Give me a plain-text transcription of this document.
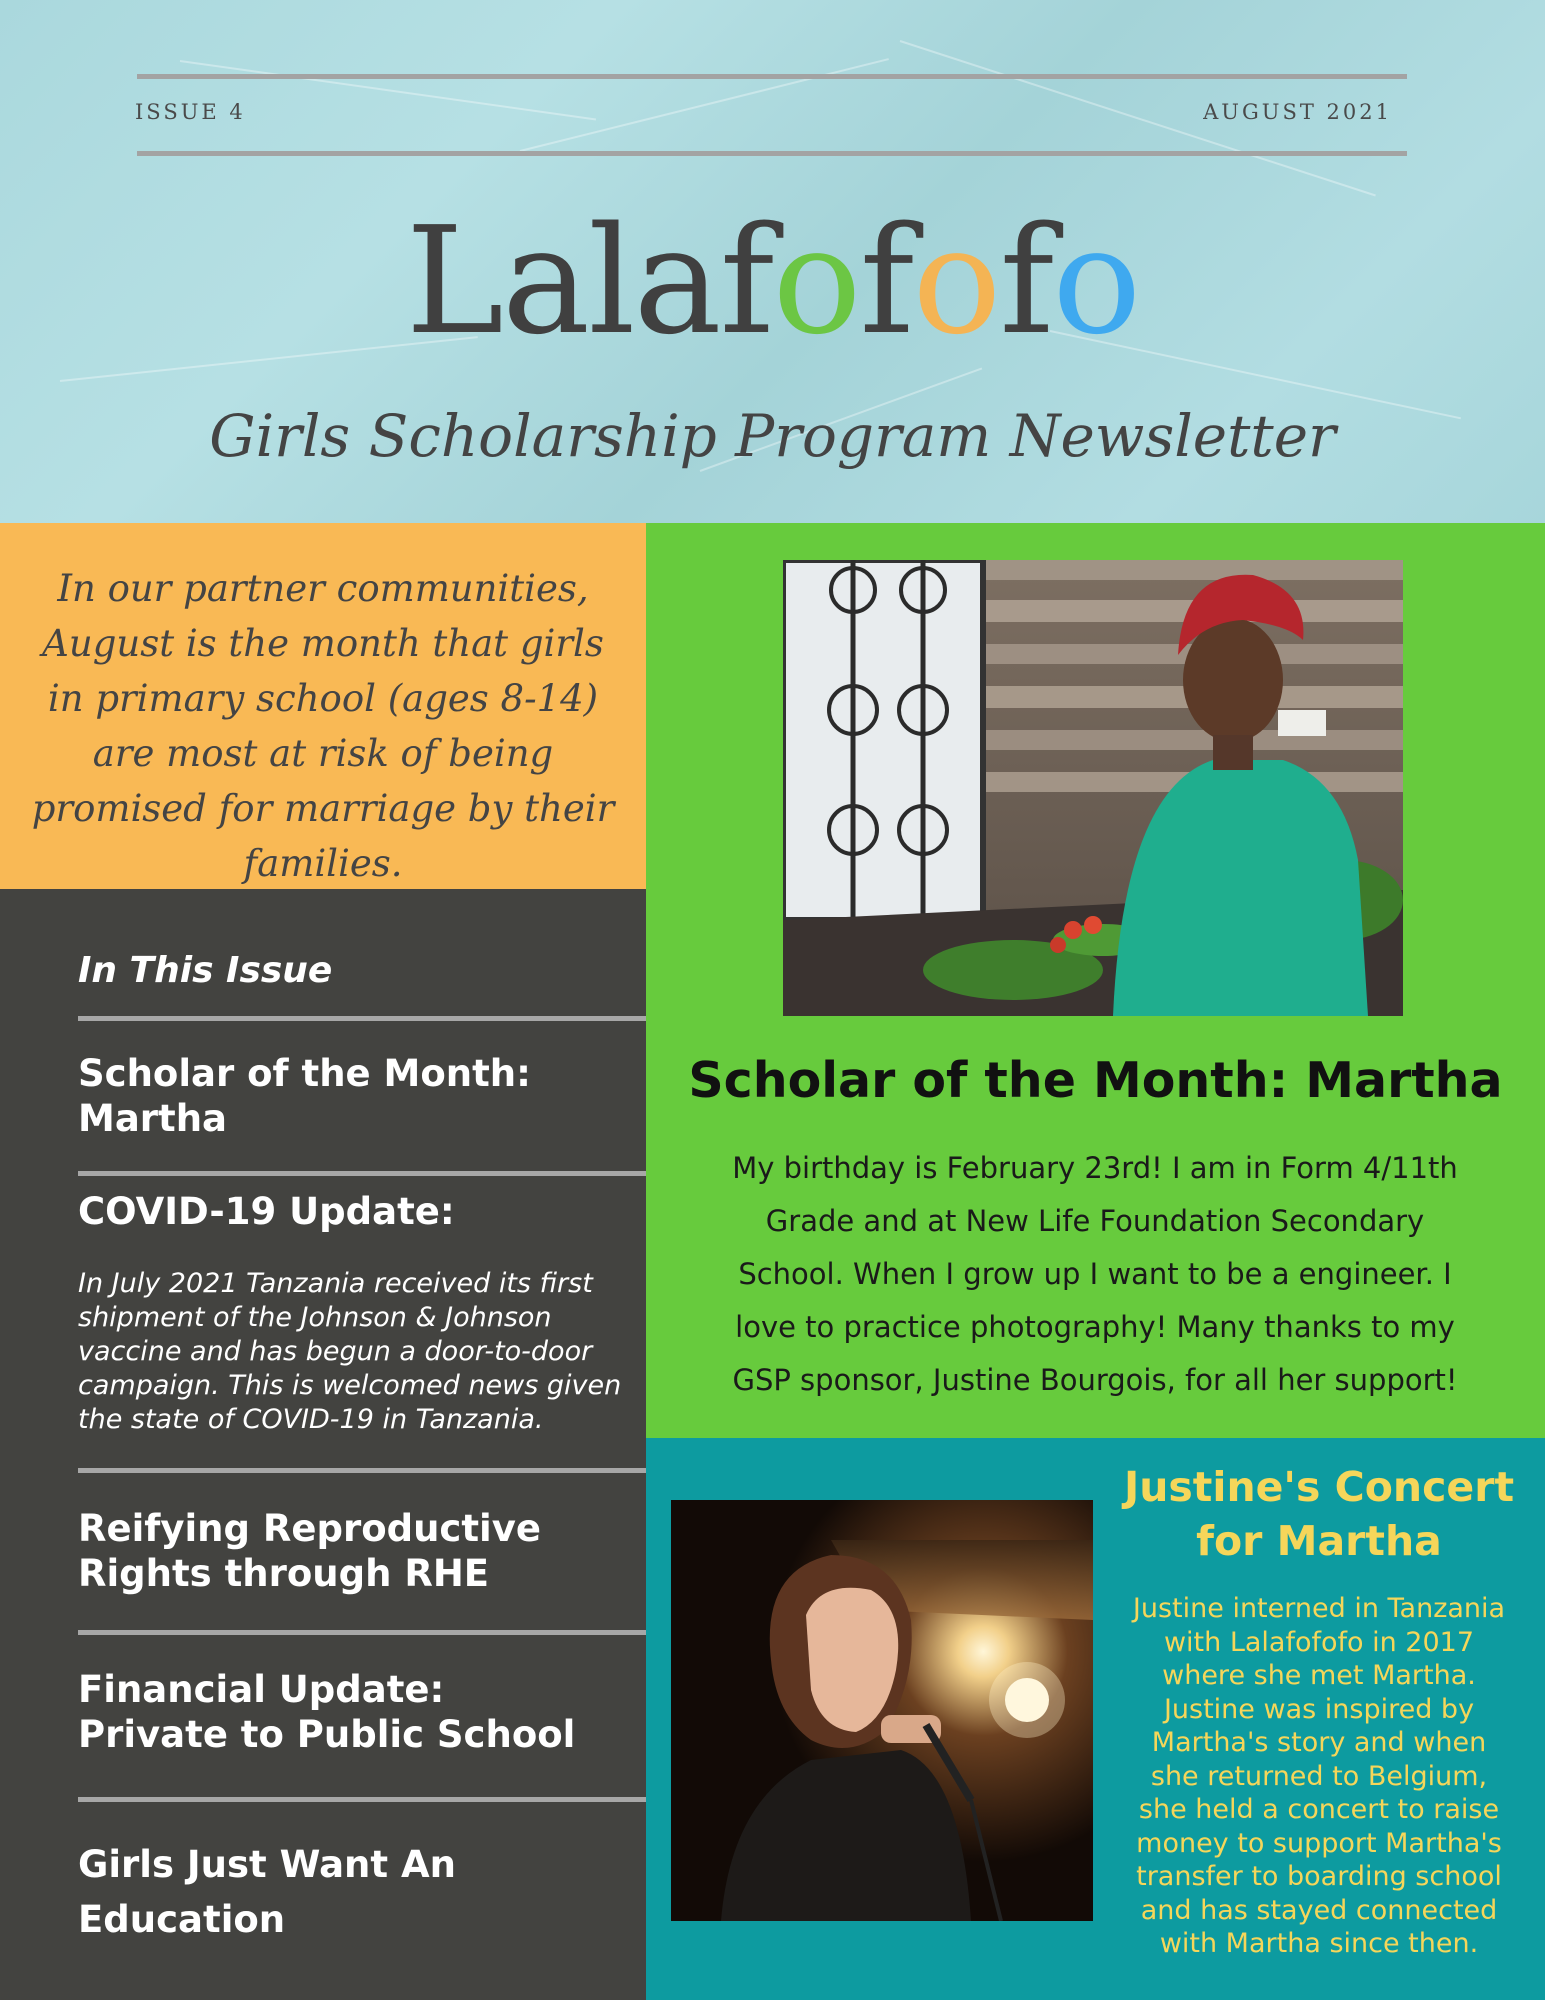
ISSUE 4	AUGUST 2021
Lalafofofo
Girls Scholarship Program Newsletter
In our partner communities, August is the month that girls in primary school (ages 8-14) are most at risk of being promised for marriage by their families.
In This Issue
Scholar of the Month:
Martha
COVID-19 Update:
In July 2021 Tanzania received its first shipment of the Johnson & Johnson vaccine and has begun a door-to-door campaign. This is welcomed news given the state of COVID-19 in Tanzania.
Reifying Reproductive
Rights through RHE
Financial Update:
Private to Public School
Girls Just Want An
Education
Scholar of the Month: Martha
My birthday is February 23rd! I am in Form 4/11th
Grade and at New Life Foundation Secondary
School. When I grow up I want to be a engineer. I
love to practice photography! Many thanks to my
GSP sponsor, Justine Bourgois, for all her support!
Justine's Concert
for Martha
Justine interned in Tanzania
with Lalafofofo in 2017
where she met Martha.
Justine was inspired by
Martha's story and when
she returned to Belgium,
she held a concert to raise
money to support Martha's
transfer to boarding school
and has stayed connected
with Martha since then.
